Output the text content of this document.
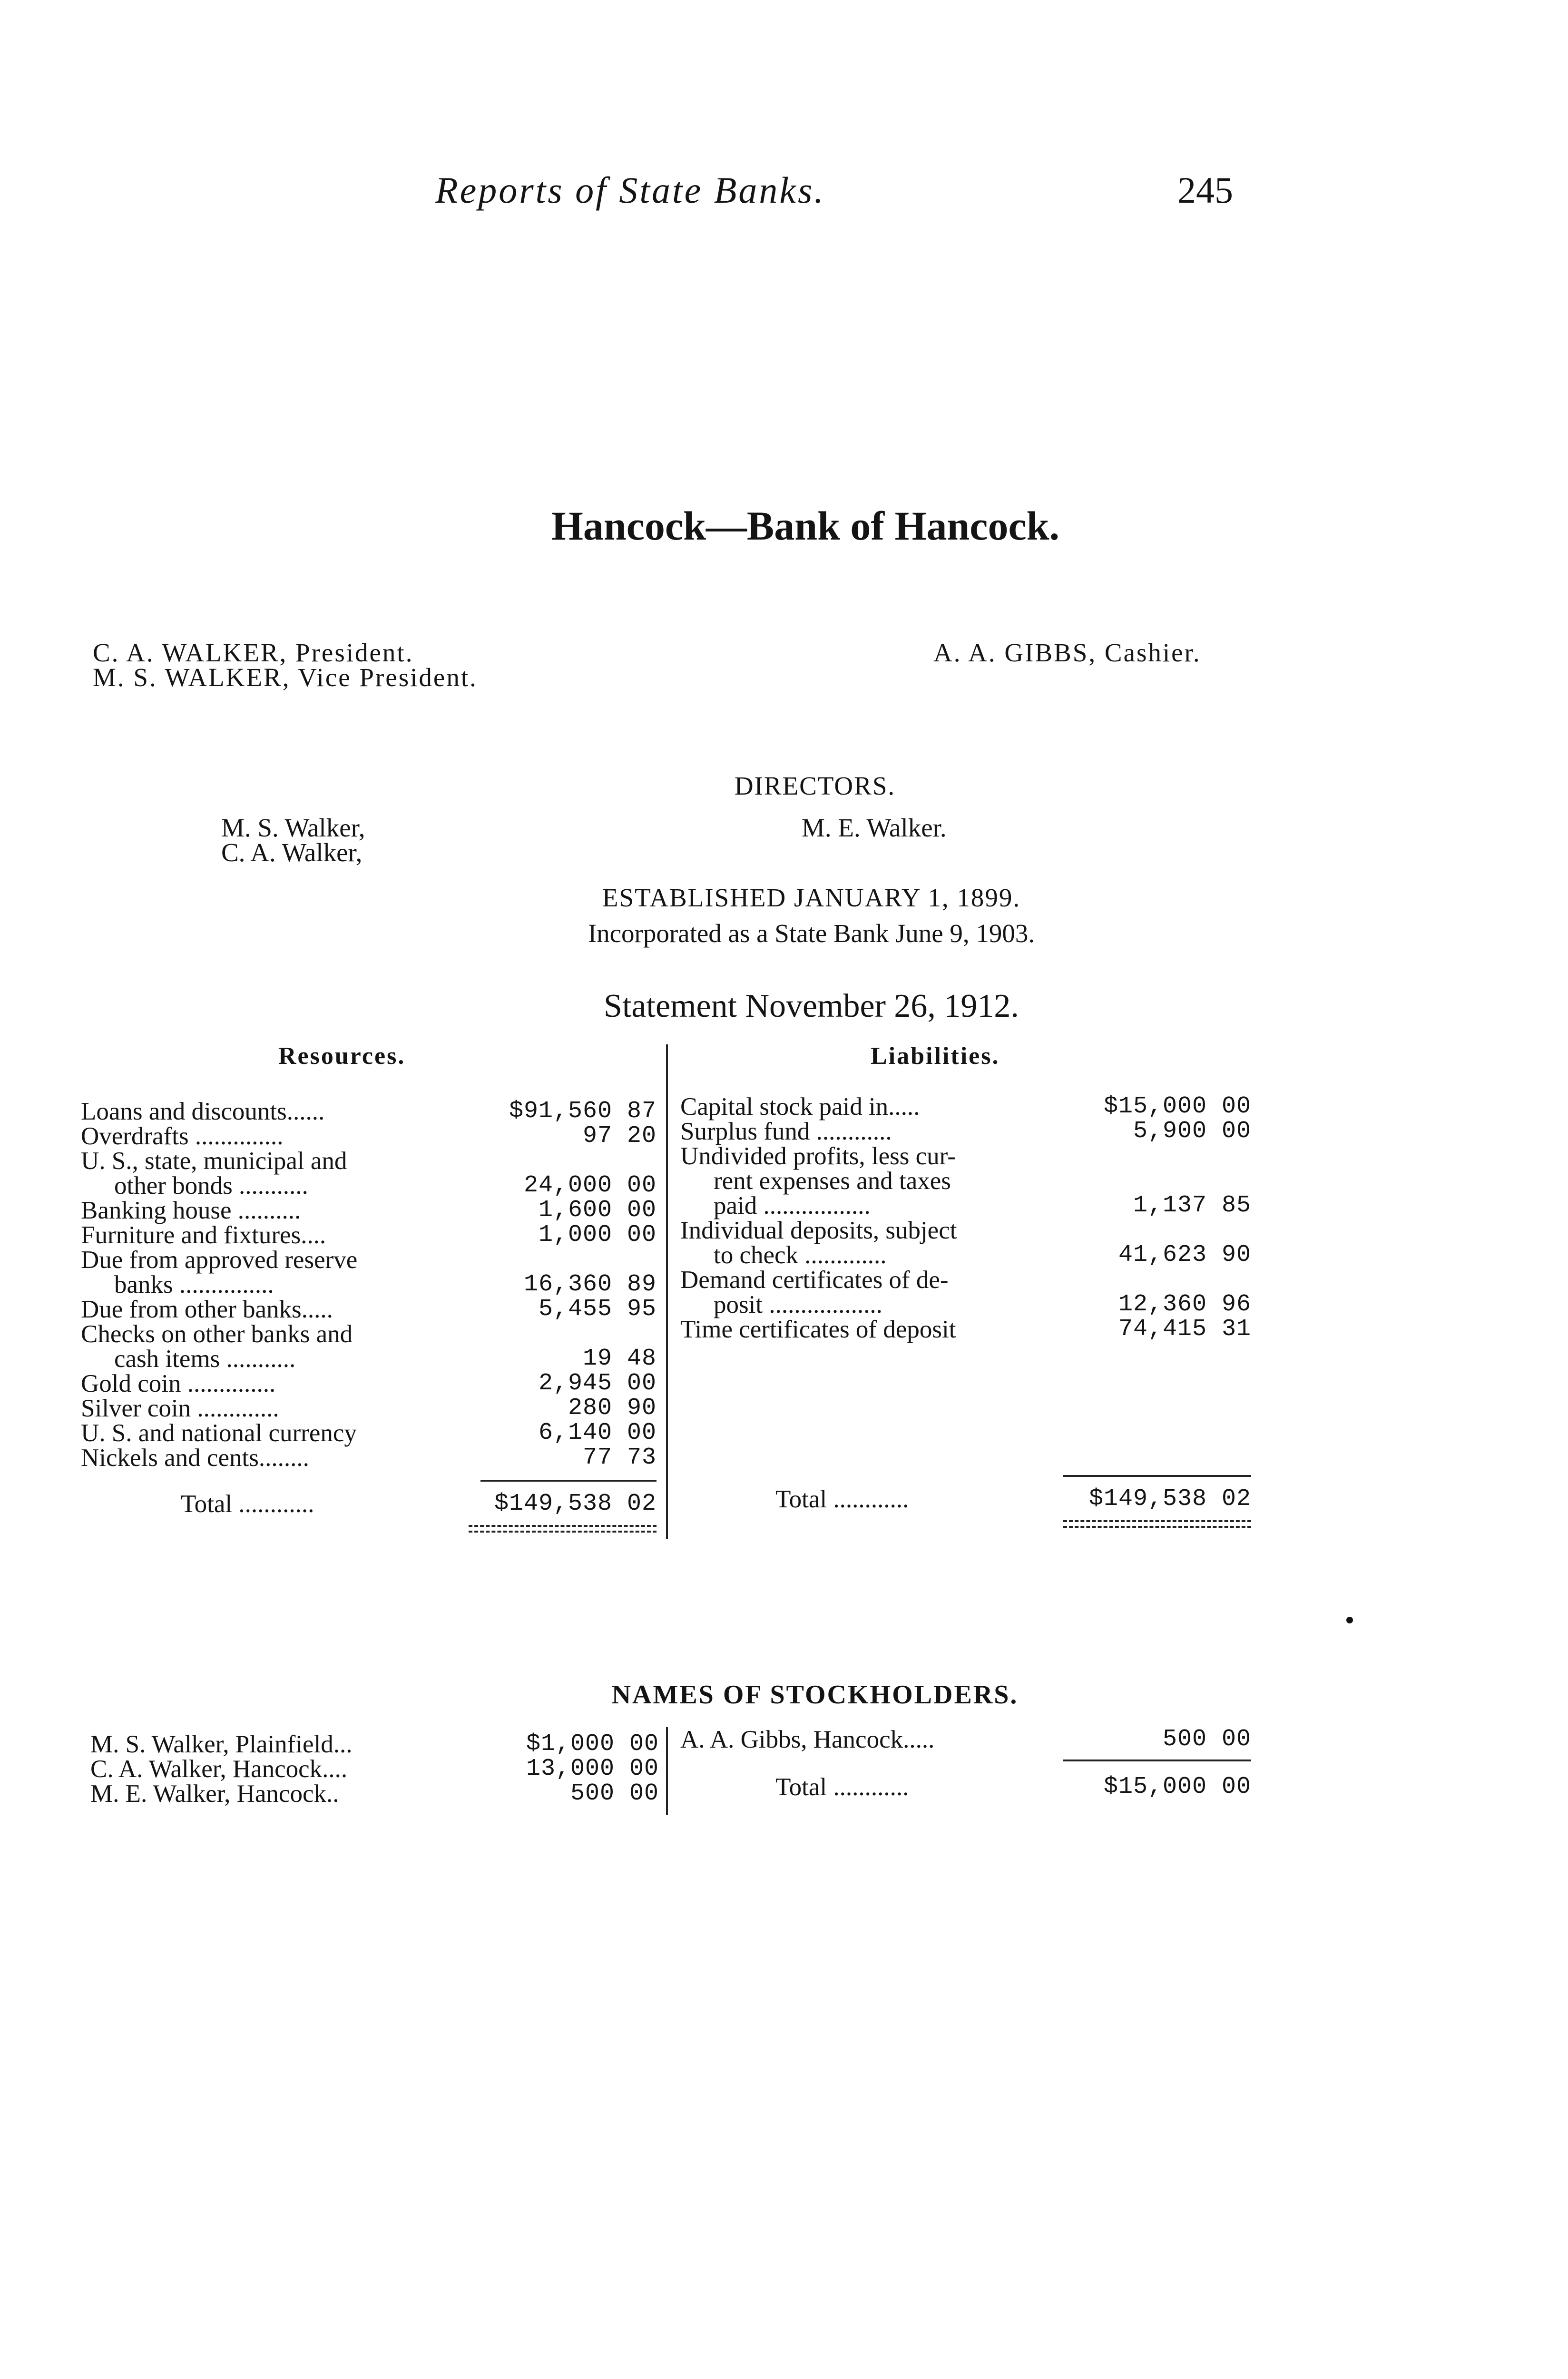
Reports of State Banks.	245
Hancock—Bank of Hancock.
C. A. WALKER, President.
M. S. WALKER, Vice President.
A. A. GIBBS, Cashier.
DIRECTORS.
M. S. Walker,
C. A. Walker,
M. E. Walker.
ESTABLISHED JANUARY 1, 1899.
Incorporated as a State Bank June 9, 1903.
Statement November 26, 1912.
Resources.	Liabilities.
Loans and discounts......	$91,560 87
Overdrafts ..............	97 20
U. S., state, municipal and
other bonds ...........	24,000 00
Banking house ..........	1,600 00
Furniture and fixtures....	1,000 00
Due from approved reserve
banks ...............	16,360 89
Due from other banks.....	5,455 95
Checks on other banks and
cash items ...........	19 48
Gold coin ..............	2,945 00
Silver coin .............	280 90
U. S. and national currency	6,140 00
Nickels and cents........	77 73
Total ............	$149,538 02
Capital stock paid in.....	$15,000 00
Surplus fund ............	5,900 00
Undivided profits, less cur-
rent expenses and taxes
paid .................	1,137 85
Individual deposits, subject
to check .............	41,623 90
Demand certificates of de-
posit ..................	12,360 96
Time certificates of deposit	74,415 31
Total ............	$149,538 02
NAMES OF STOCKHOLDERS.
M. S. Walker, Plainfield...	$1,000 00
C. A. Walker, Hancock....	13,000 00
M. E. Walker, Hancock..	500 00
A. A. Gibbs, Hancock.....	500 00
Total ............	$15,000 00
